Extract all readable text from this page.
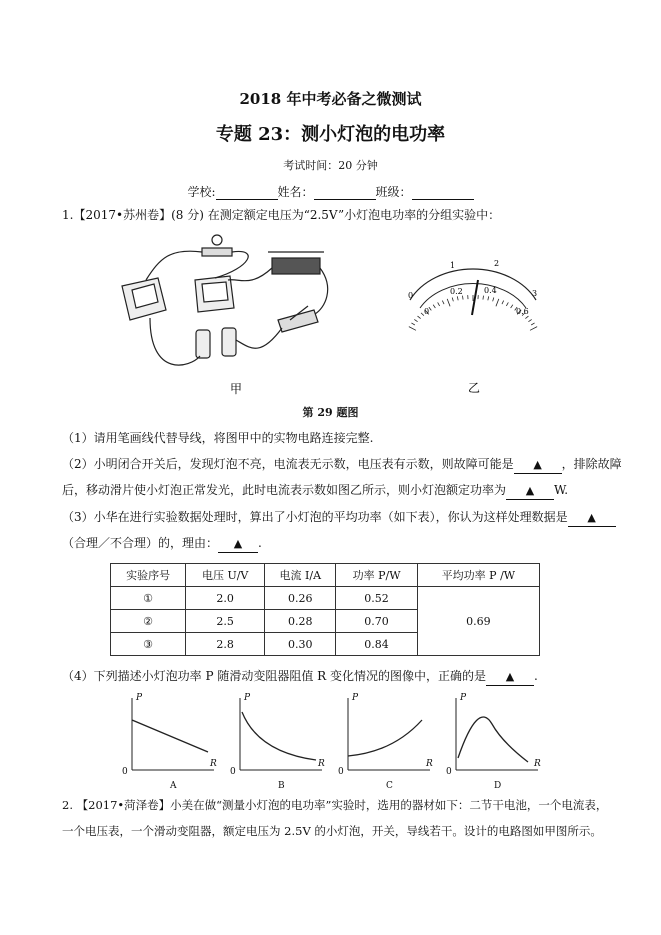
2018 年中考必备之微测试
专题 23：测小灯泡的电功率
考试时间：20 分钟
学校:	姓名：	班级：
1.【2017•苏州卷】(8 分) 在测定额定电压为“2.5V”小灯泡电功率的分组实验中：
甲
0
1	2
3
0
0.2	0.4
0.6
乙
第 29 题图
（1）请用笔画线代替导线，将图甲中的实物电路连接完整.
（2）小明闭合开关后，发现灯泡不亮，电流表无示数，电压表有示数，则故障可能是 ▲ ，排除故障
后，移动滑片使小灯泡正常发光，此时电流表示数如图乙所示，则小灯泡额定功率为 ▲ W.
（3）小华在进行实验数据处理时，算出了小灯泡的平均功率（如下表），你认为这样处理数据是 ▲
（合理／不合理）的，理由： ▲ .
实验序号	电压 U/V	电流 I/A	功率 P/W	平均功率 P /W
①	2.0	0.26	0.52	0.69
②	2.5	0.28	0.70	
③	2.8	0.30	0.84	
（4）下列描述小灯泡功率 P 随滑动变阻器阻值 R 变化情况的图像中，正确的是 ▲ .
P
R
P
R
P
R
P
R
0	0	0	0
A	B	C	D
2. 【2017•菏泽卷】小美在做“测量小灯泡的电功率”实验时，选用的器材如下：二节干电池，一个电流表，
一个电压表，一个滑动变阻器，额定电压为 2.5V 的小灯泡，开关，导线若干。设计的电路图如甲图所示。
